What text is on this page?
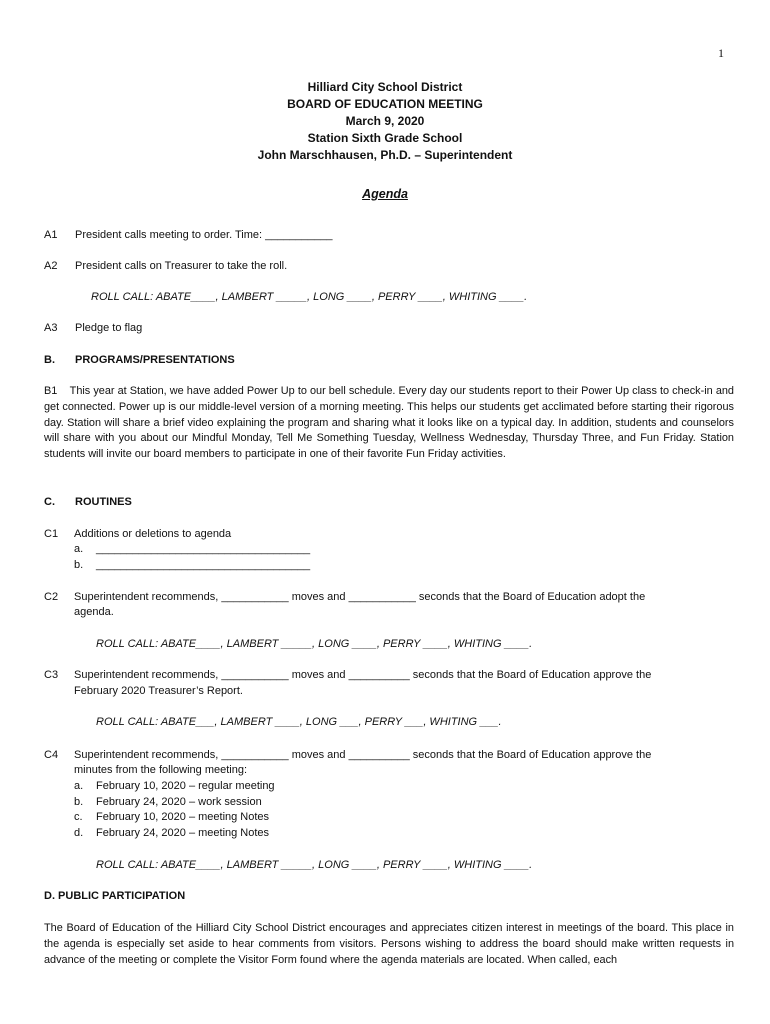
1
Hilliard City School District
BOARD OF EDUCATION MEETING
March 9, 2020
Station Sixth Grade School
John Marschhausen, Ph.D. – Superintendent
Agenda
A1 President calls meeting to order. Time: ___________
A2 President calls on Treasurer to take the roll.
ROLL CALL: ABATE____, LAMBERT _____, LONG ____, PERRY ____, WHITING ____.
A3 Pledge to flag
B. PROGRAMS/PRESENTATIONS
B1 This year at Station, we have added Power Up to our bell schedule. Every day our students report to their Power Up class to check-in and get connected. Power up is our middle-level version of a morning meeting. This helps our students get acclimated before starting their rigorous day. Station will share a brief video explaining the program and sharing what it looks like on a typical day. In addition, students and counselors will share with you about our Mindful Monday, Tell Me Something Tuesday, Wellness Wednesday, Thursday Three, and Fun Friday. Station students will invite our board members to participate in one of their favorite Fun Friday activities.
C. ROUTINES
C1 Additions or deletions to agenda
a. ___________________________________
b. ___________________________________
C2 Superintendent recommends, ___________ moves and ___________ seconds that the Board of Education adopt the
agenda.
ROLL CALL: ABATE____, LAMBERT _____, LONG ____, PERRY ____, WHITING ____.
C3 Superintendent recommends, ___________ moves and __________ seconds that the Board of Education approve the
February 2020 Treasurer’s Report.
ROLL CALL: ABATE___, LAMBERT ____, LONG ___, PERRY ___, WHITING ___.
C4 Superintendent recommends, ___________ moves and __________ seconds that the Board of Education approve the
minutes from the following meeting:
a. February 10, 2020 – regular meeting
b. February 24, 2020 – work session
c. February 10, 2020 – meeting Notes
d. February 24, 2020 – meeting Notes
ROLL CALL: ABATE____, LAMBERT _____, LONG ____, PERRY ____, WHITING ____.
D. PUBLIC PARTICIPATION
The Board of Education of the Hilliard City School District encourages and appreciates citizen interest in meetings of the board. This place in the agenda is especially set aside to hear comments from visitors. Persons wishing to address the board should make written requests in advance of the meeting or complete the Visitor Form found where the agenda materials are located. When called, each
